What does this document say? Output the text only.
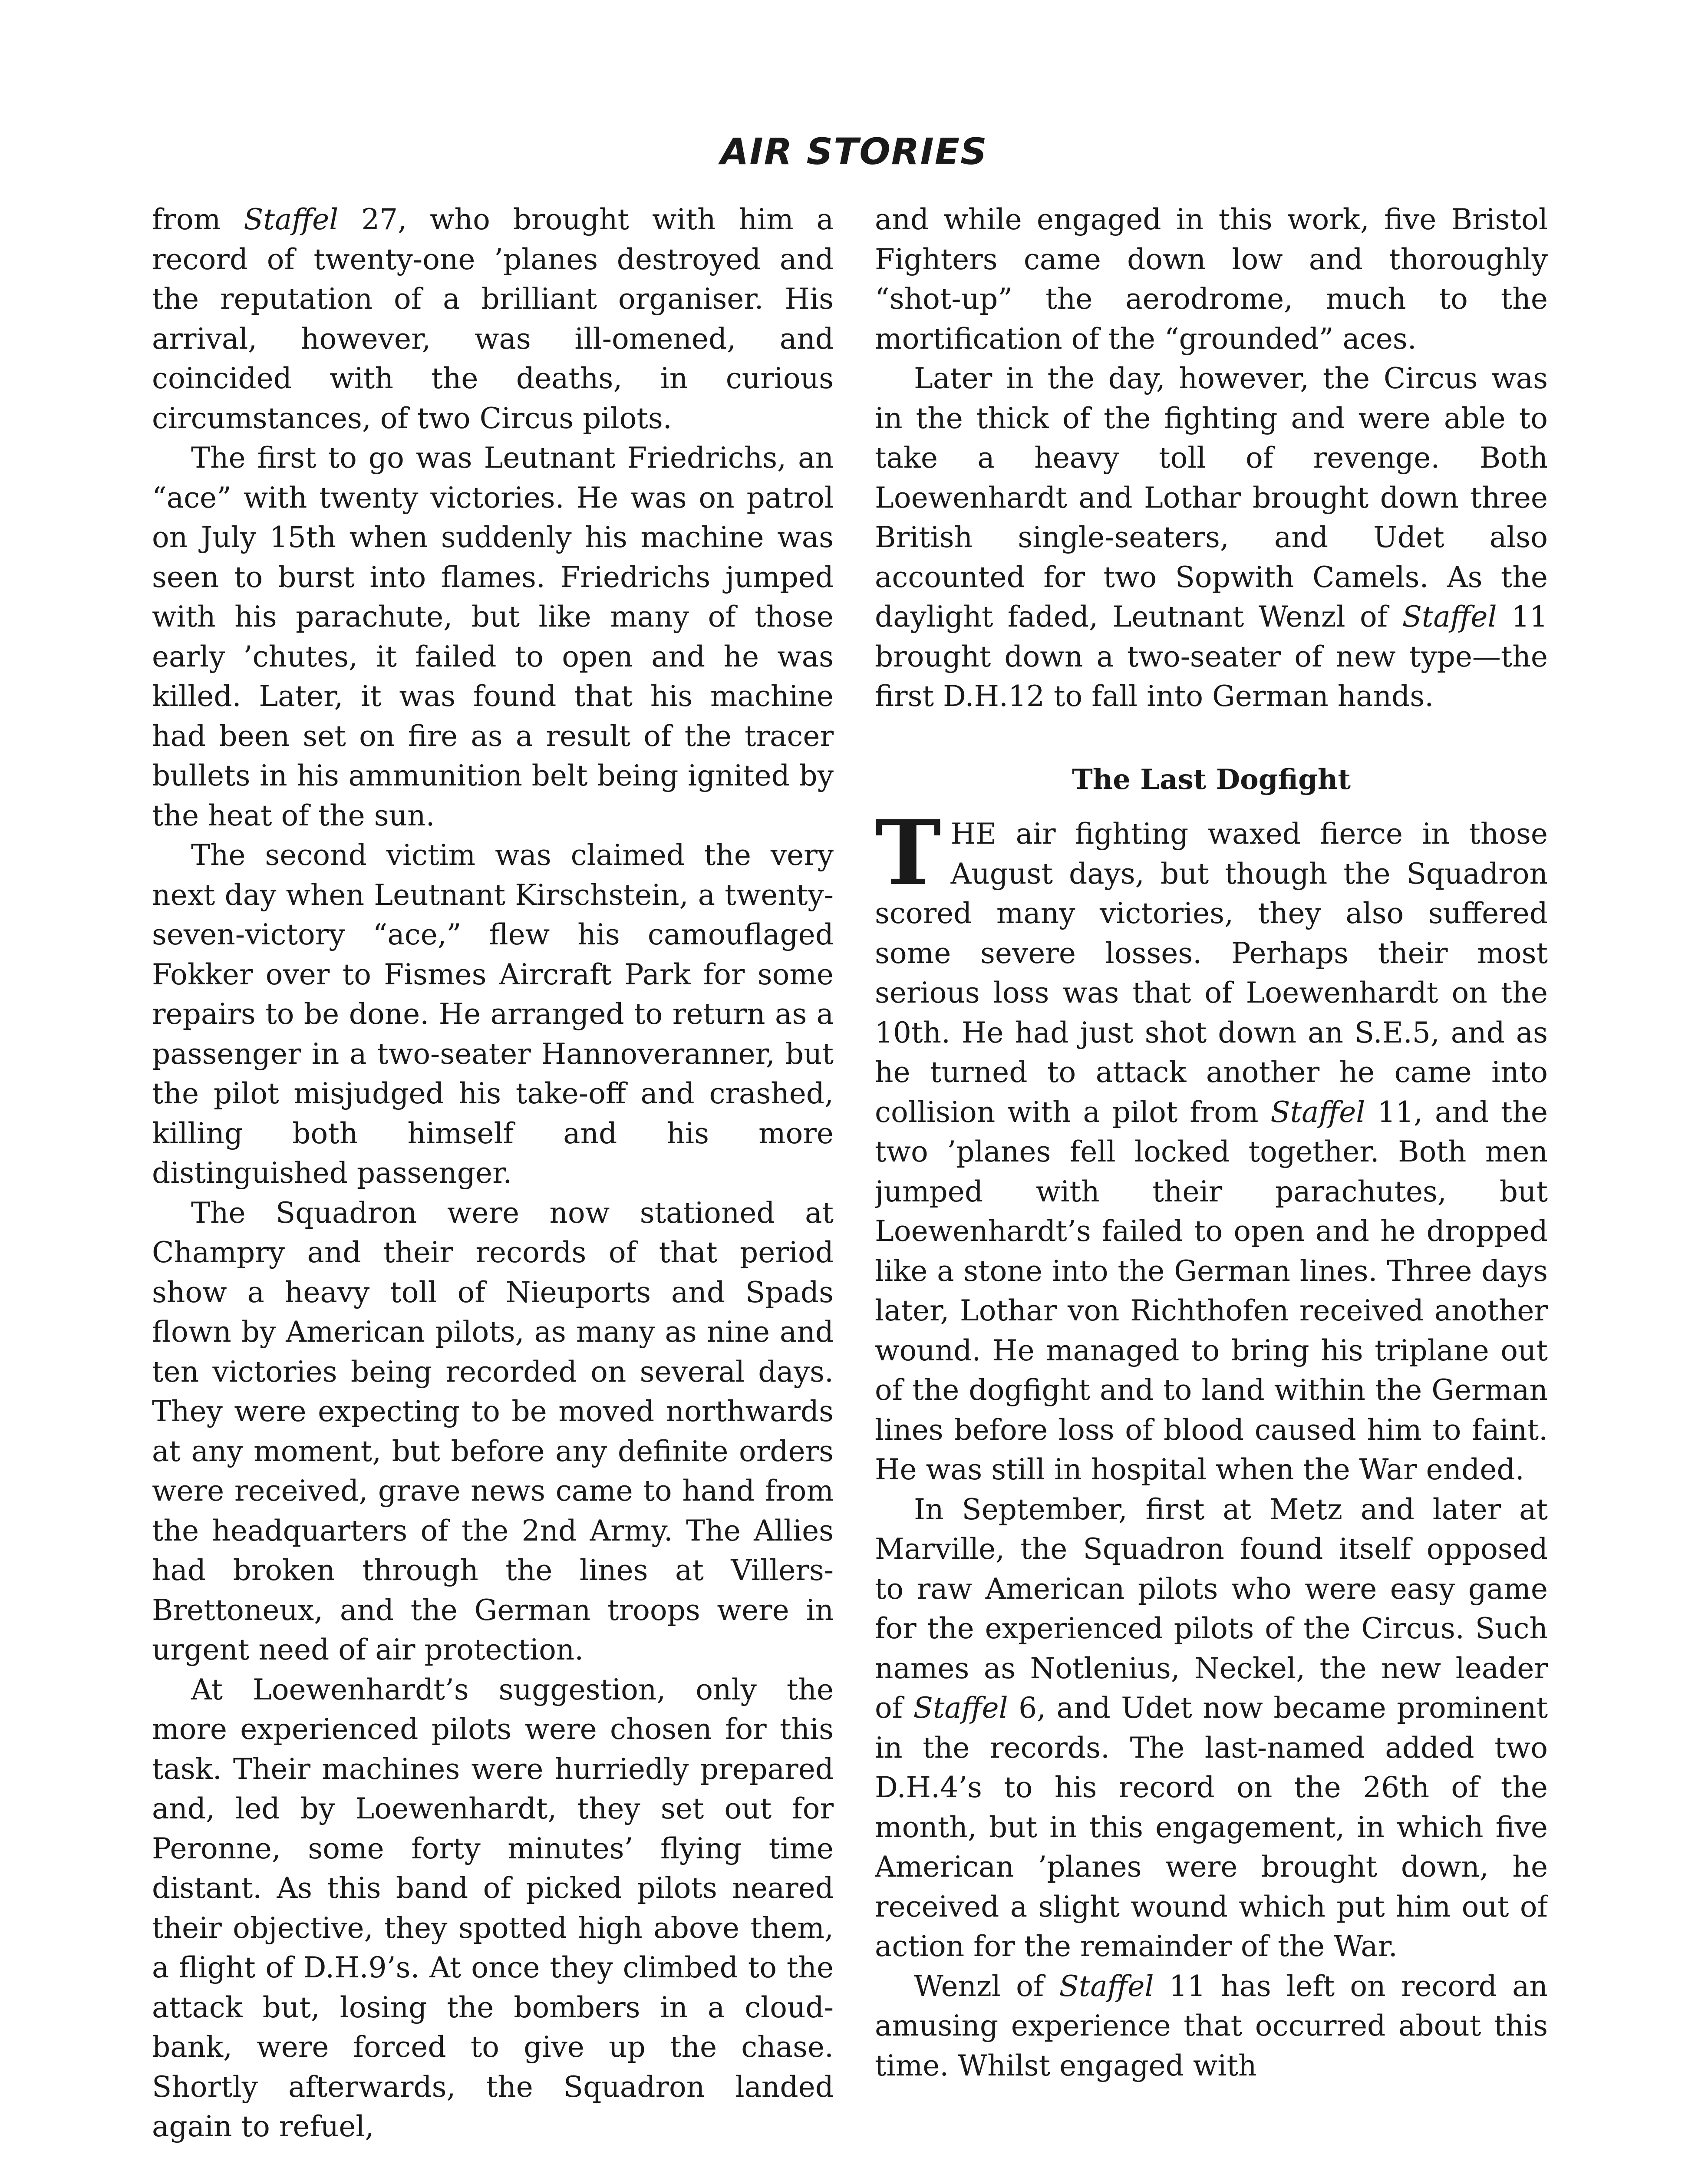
AIR STORIES

from Staffel 27, who brought with him a record of twenty-one ’planes destroyed and the reputation of a brilliant organiser. His arrival, however, was ill-omened, and coincided with the deaths, in curious circumstances, of two Circus pilots.

The first to go was Leutnant Friedrichs, an “ace” with twenty victories. He was on patrol on July 15th when suddenly his machine was seen to burst into flames. Friedrichs jumped with his parachute, but like many of those early ’chutes, it failed to open and he was killed. Later, it was found that his machine had been set on fire as a result of the tracer bullets in his ammunition belt being ignited by the heat of the sun.

The second victim was claimed the very next day when Leutnant Kirschstein, a twenty-seven-victory “ace,” flew his camouflaged Fokker over to Fismes Aircraft Park for some repairs to be done. He arranged to return as a passenger in a two-seater Hannoveranner, but the pilot misjudged his take-off and crashed, killing both himself and his more distinguished passenger.

The Squadron were now stationed at Champry and their records of that period show a heavy toll of Nieuports and Spads flown by American pilots, as many as nine and ten victories being recorded on several days. They were expecting to be moved northwards at any moment, but before any definite orders were received, grave news came to hand from the headquarters of the 2nd Army. The Allies had broken through the lines at Villers-Brettoneux, and the German troops were in urgent need of air protection.

At Loewenhardt’s suggestion, only the more experienced pilots were chosen for this task. Their machines were hurriedly prepared and, led by Loewenhardt, they set out for Peronne, some forty minutes’ flying time distant. As this band of picked pilots neared their objective, they spotted high above them, a flight of D.H.9’s. At once they climbed to the attack but, losing the bombers in a cloud-bank, were forced to give up the chase. Shortly afterwards, the Squadron landed again to refuel,

and while engaged in this work, five Bristol Fighters came down low and thoroughly “shot-up” the aerodrome, much to the mortification of the “grounded” aces.

Later in the day, however, the Circus was in the thick of the fighting and were able to take a heavy toll of revenge. Both Loewenhardt and Lothar brought down three British single-seaters, and Udet also accounted for two Sopwith Camels. As the daylight faded, Leutnant Wenzl of Staffel 11 brought down a two-seater of new type—the first D.H.12 to fall into German hands.

The Last Dogfight

THE air fighting waxed fierce in those August days, but though the Squadron scored many victories, they also suffered some severe losses. Perhaps their most serious loss was that of Loewenhardt on the 10th. He had just shot down an S.E.5, and as he turned to attack another he came into collision with a pilot from Staffel 11, and the two ’planes fell locked together. Both men jumped with their parachutes, but Loewenhardt’s failed to open and he dropped like a stone into the German lines. Three days later, Lothar von Richthofen received another wound. He managed to bring his triplane out of the dogfight and to land within the German lines before loss of blood caused him to faint. He was still in hospital when the War ended.

In September, first at Metz and later at Marville, the Squadron found itself opposed to raw American pilots who were easy game for the experienced pilots of the Circus. Such names as Notlenius, Neckel, the new leader of Staffel 6, and Udet now became prominent in the records. The last-named added two D.H.4’s to his record on the 26th of the month, but in this engagement, in which five American ’planes were brought down, he received a slight wound which put him out of action for the remainder of the War.

Wenzl of Staffel 11 has left on record an amusing experience that occurred about this time. Whilst engaged with
